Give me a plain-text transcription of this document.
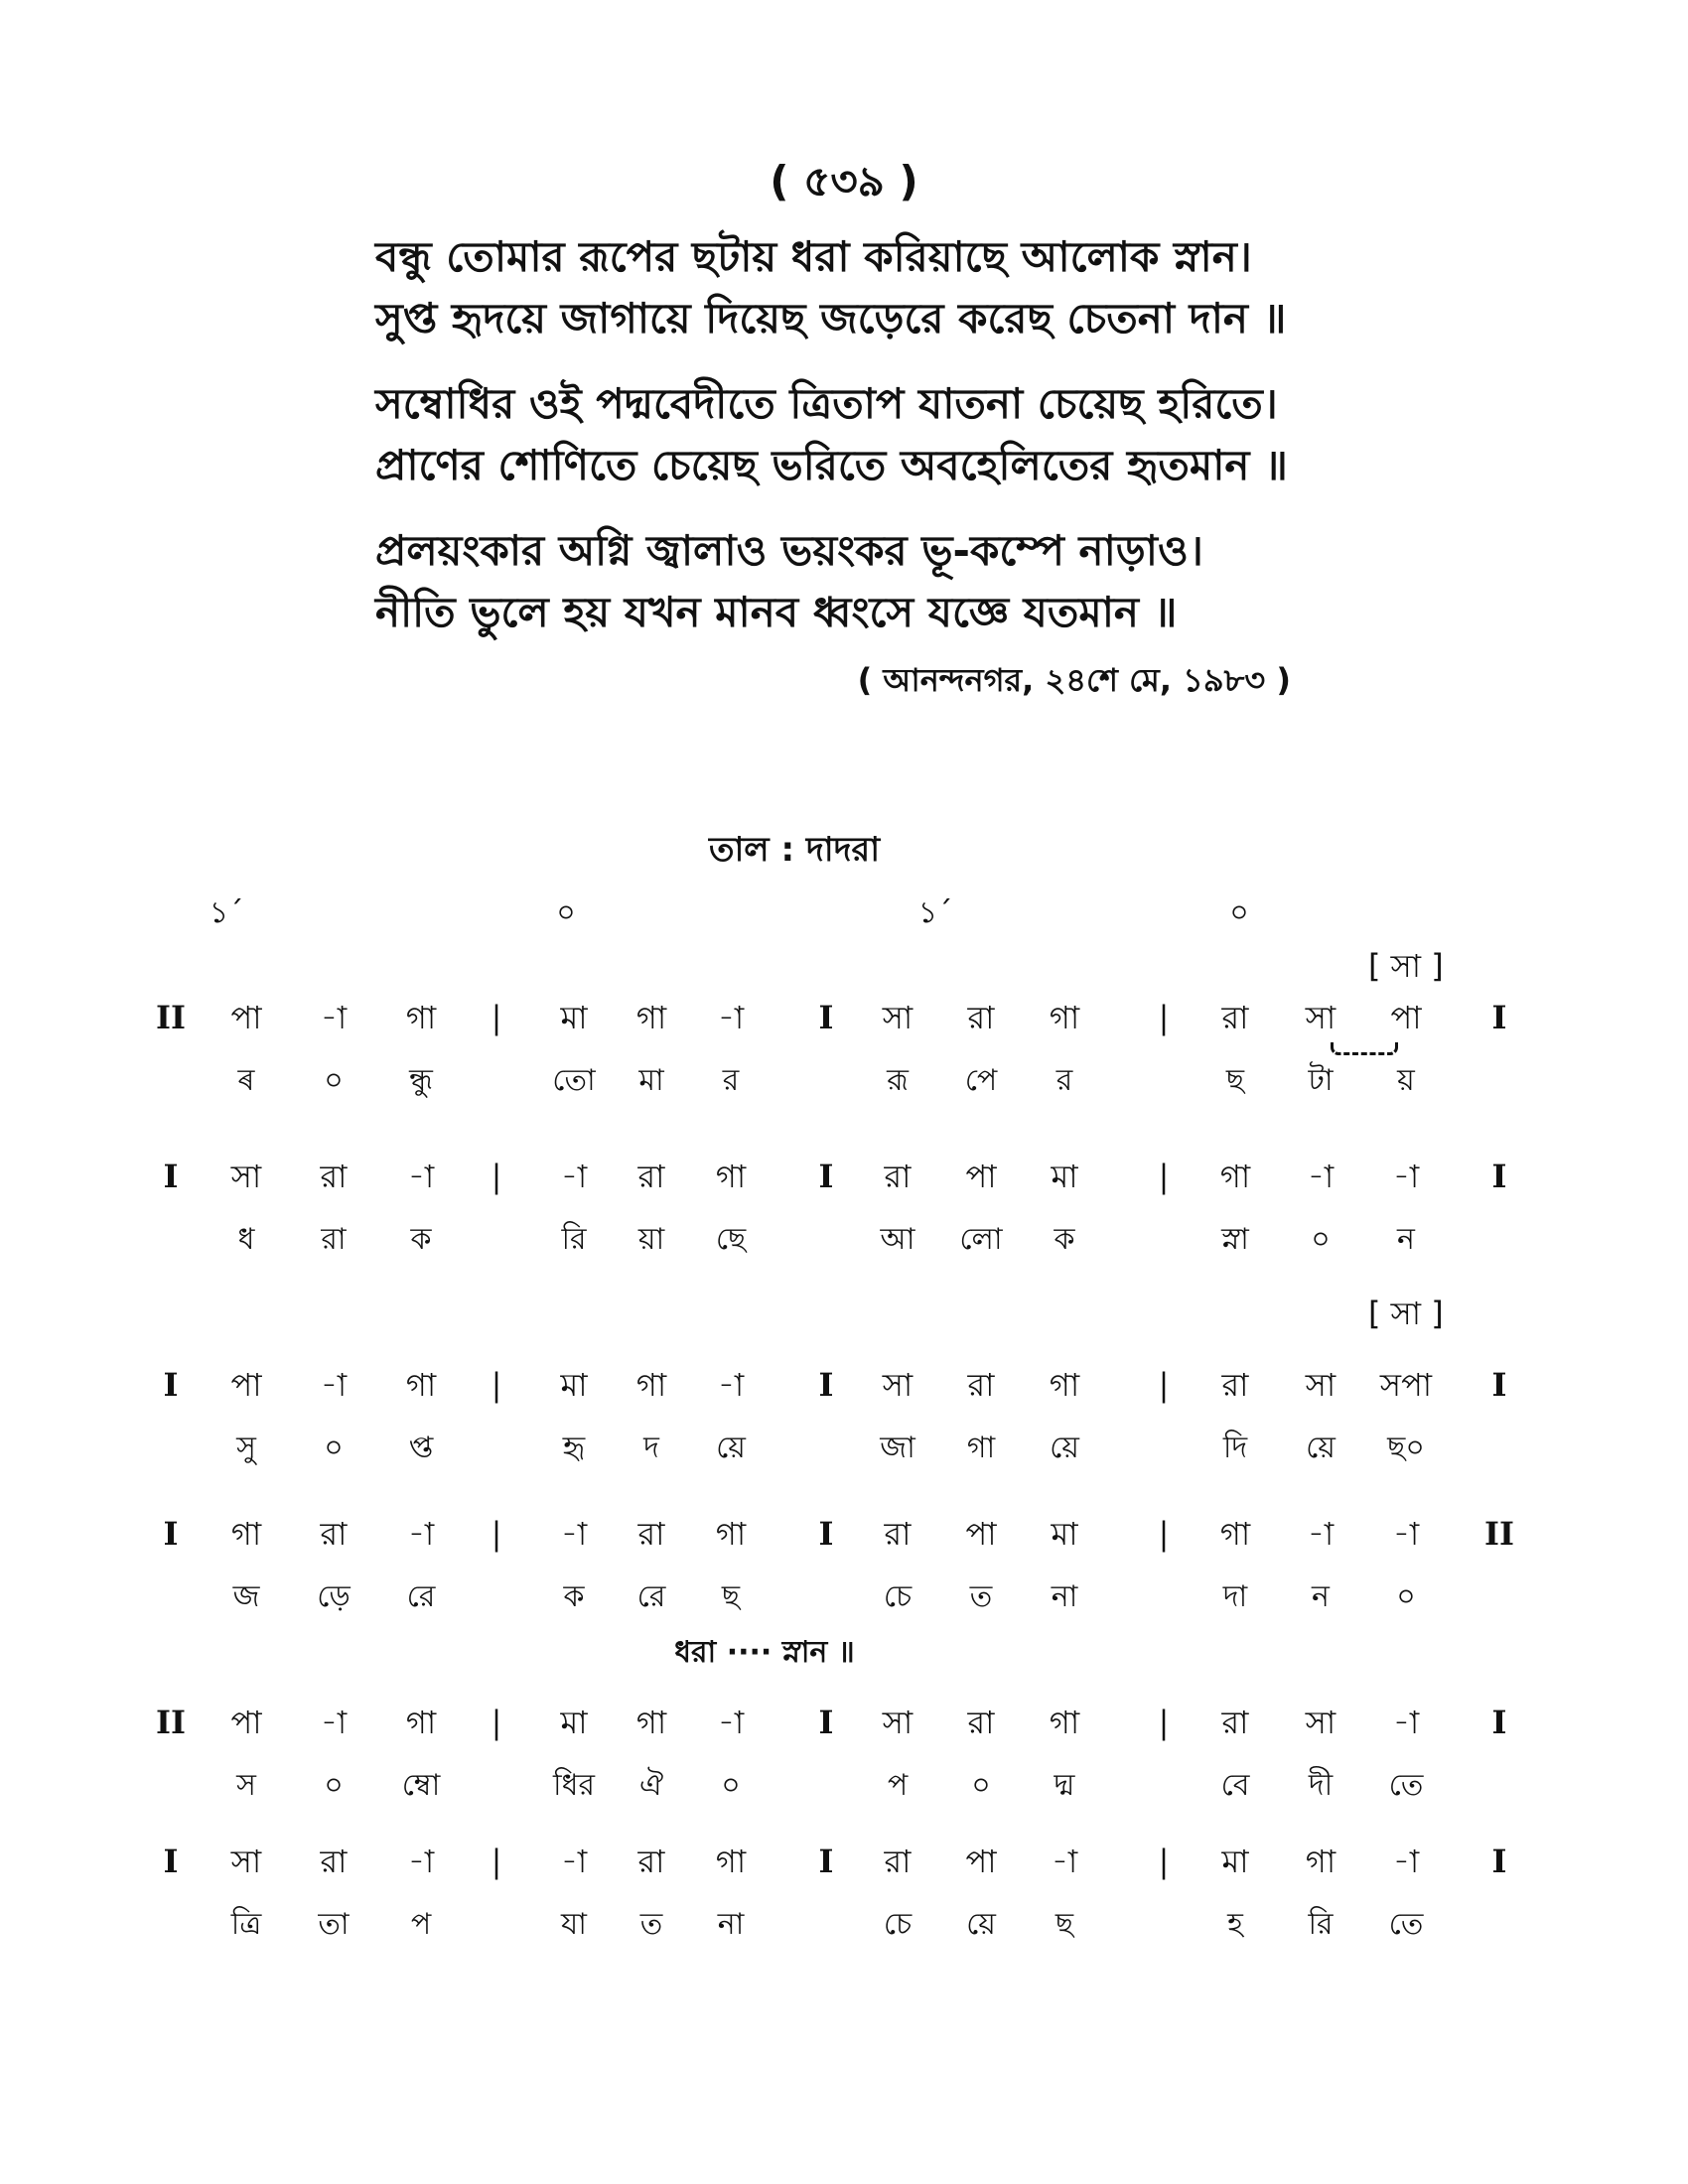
( ৫৩৯ )
বন্ধু তোমার রূপের ছটায় ধরা করিয়াছে আলোক স্নান।
সুপ্ত হৃদয়ে জাগায়ে দিয়েছ জড়েরে করেছ চেতনা দান ॥
সম্বোধির ওই পদ্মবেদীতে ত্রিতাপ যাতনা চেয়েছ হরিতে।
প্রাণের শোণিতে চেয়েছ ভরিতে অবহেলিতের হৃতমান ॥
প্রলয়ংকার অগ্নি জ্বালাও ভয়ংকর ভূ-কম্পে নাড়াও।
নীতি ভুলে হয় যখন মানব ধ্বংসে যজ্ঞে যতমান ॥
( আনন্দনগর, ২৪শে মে, ১৯৮৩ )
তাল : দাদরা
১´	০	১´	০
[ সা ]
[ সা ]
II পা -া গা | মা গা -া I সা রা গা | রা সা পা I
ৰ ০ ন্ধু	তো মা র	রূ পে র	ছ টা য়
I সা রা -া | -া রা গা I রা পা মা	| গা -া -া I
ধ রা ক	রি য়া ছে	আ লো ক	স্না ০ ন
I পা -া গা | মা গা -া I সা রা গা | রা সা সপা I
সু ০ প্ত	হৃ দ য়ে	জা গা য়ে	দি য়ে ছ০
I গা রা -া | -া রা গা I রা পা মা	| গা -া -া II
জ ড়ে রে	ক রে ছ	চে ত না	দা ন ০
II পা -া গা | মা গা -া I সা রা গা | রা সা -া I
স ০ ম্বো	ধির ঐ ০	প ০ দ্ম	বে দী তে
I সা রা -া | -া রা গা I রা পা -া	| মা গা -া I
ত্রি তা প	যা ত না	চে য়ে ছ	হ রি তে
ধরা ···· স্নান ॥
